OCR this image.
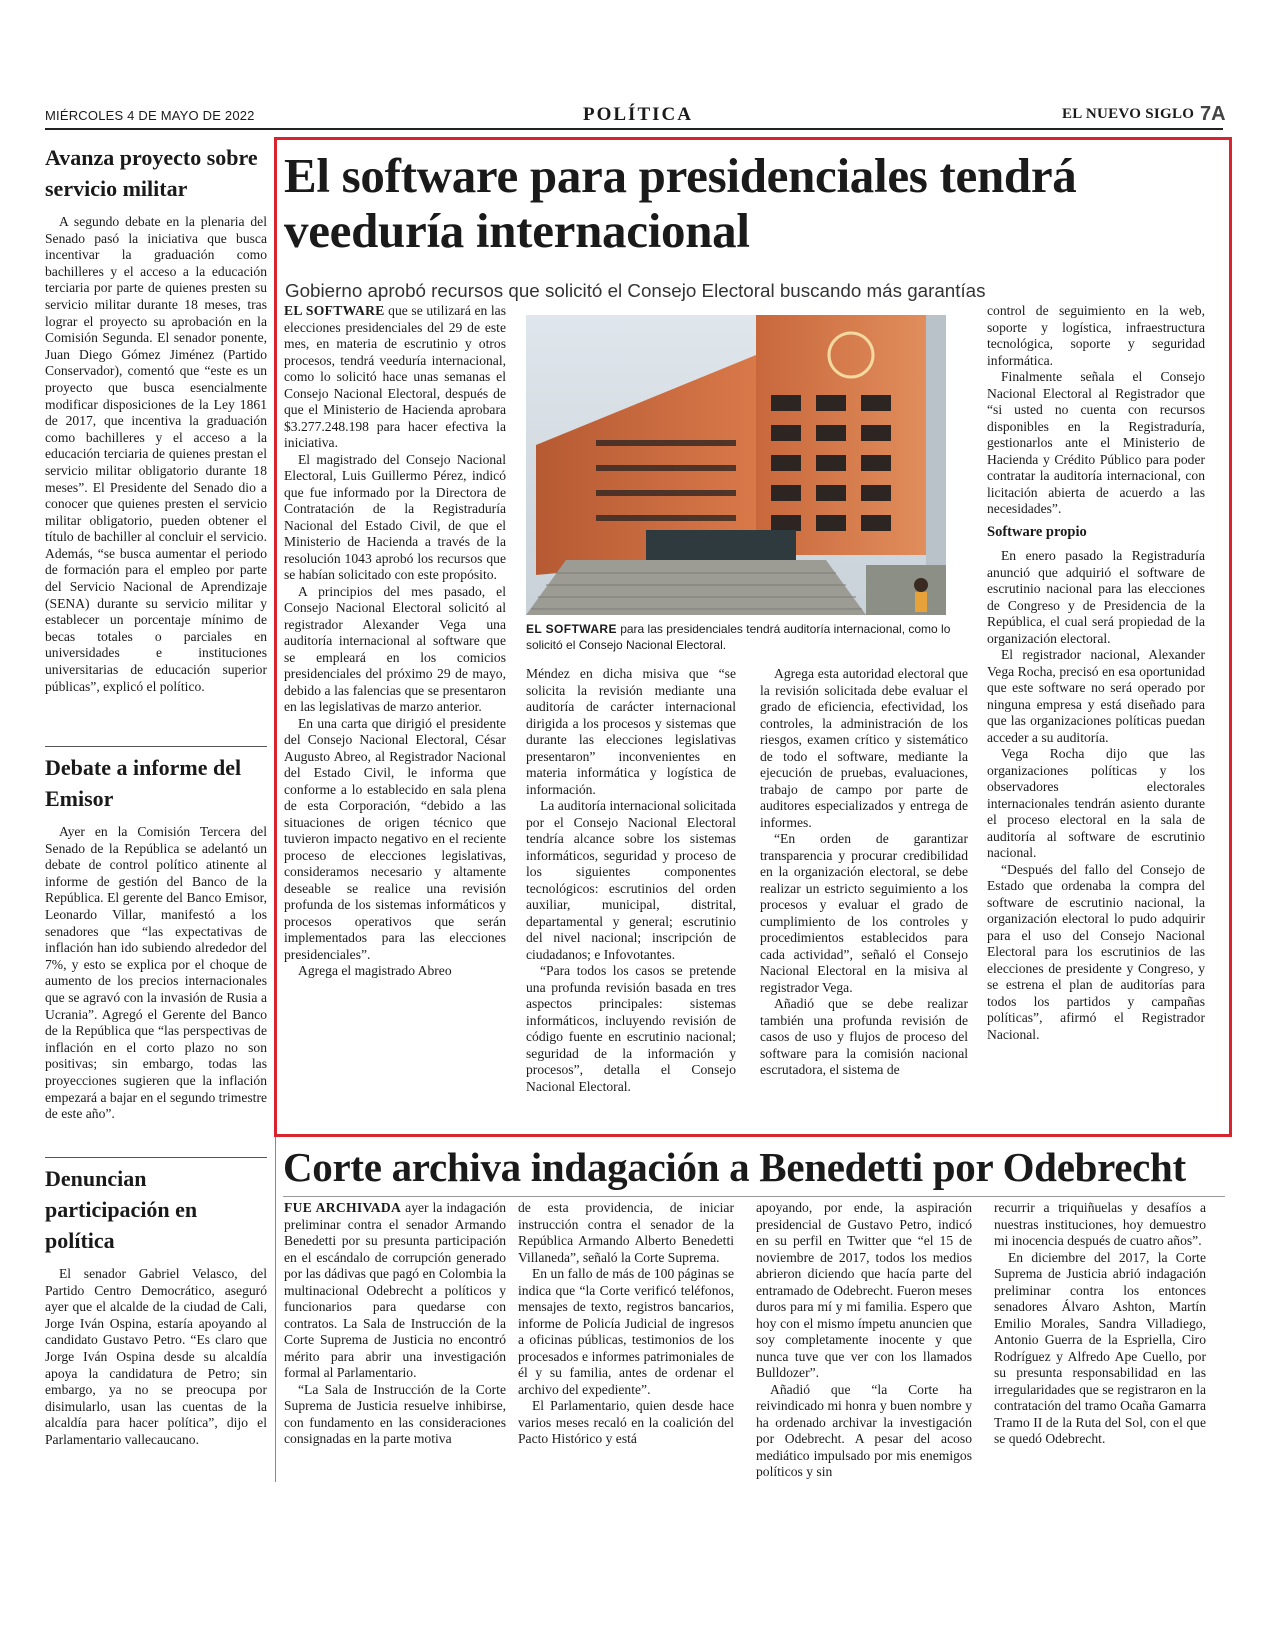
MIÉRCOLES 4 DE MAYO DE 2022	POLÍTICA	EL NUEVO SIGLO 7A
Avanza proyecto sobre servicio militar

A segundo debate en la plenaria del Senado pasó la iniciativa que busca incentivar la graduación como bachilleres y el acceso a la educación terciaria por parte de quienes presten su servicio militar durante 18 meses, tras lograr el proyecto su aprobación en la Comisión Segunda. El senador ponente, Juan Diego Gómez Jiménez (Partido Conservador), comentó que “este es un proyecto que busca esencialmente modificar disposiciones de la Ley 1861 de 2017, que incentiva la graduación como bachilleres y el acceso a la educación terciaria de quienes prestan el servicio militar obligatorio durante 18 meses”. El Presidente del Senado dio a conocer que quienes presten el servicio militar obligatorio, pueden obtener el título de bachiller al concluir el servicio. Además, “se busca aumentar el periodo de formación para el empleo por parte del Servicio Nacional de Aprendizaje (SENA) durante su servicio militar y establecer un porcentaje mínimo de becas totales o parciales en universidades e instituciones universitarias de educación superior públicas”, explicó el político.

Debate a informe del Emisor

Ayer en la Comisión Tercera del Senado de la República se adelantó un debate de control político atinente al informe de gestión del Banco de la República. El gerente del Banco Emisor, Leonardo Villar, manifestó a los senadores que “las expectativas de inflación han ido subiendo alrededor del 7%, y esto se explica por el choque de aumento de los precios internacionales que se agravó con la invasión de Rusia a Ucrania”. Agregó el Gerente del Banco de la República que “las perspectivas de inflación en el corto plazo no son positivas; sin embargo, todas las proyecciones sugieren que la inflación empezará a bajar en el segundo trimestre de este año”.

Denuncian participación en política

El senador Gabriel Velasco, del Partido Centro Democrático, aseguró ayer que el alcalde de la ciudad de Cali, Jorge Iván Ospina, estaría apoyando al candidato Gustavo Petro. “Es claro que Jorge Iván Ospina desde su alcaldía apoya la candidatura de Petro; sin embargo, ya no se preocupa por disimularlo, usan las cuentas de la alcaldía para hacer política”, dijo el Parlamentario vallecaucano.

El software para presidenciales tendrá veeduría internacional

Gobierno aprobó recursos que solicitó el Consejo Electoral buscando más garantías

EL SOFTWARE que se utilizará en las elecciones presidenciales del 29 de este mes, en materia de escrutinio y otros procesos, tendrá veeduría internacional, como lo solicitó hace unas semanas el Consejo Nacional Electoral, después de que el Ministerio de Hacienda aprobara $3.277.248.198 para hacer efectiva la iniciativa.

El magistrado del Consejo Nacional Electoral, Luis Guillermo Pérez, indicó que fue informado por la Directora de Contratación de la Registraduría Nacional del Estado Civil, de que el Ministerio de Hacienda a través de la resolución 1043 aprobó los recursos que se habían solicitado con este propósito.

A principios del mes pasado, el Consejo Nacional Electoral solicitó al registrador Alexander Vega una auditoría internacional al software que se empleará en los comicios presidenciales del próximo 29 de mayo, debido a las falencias que se presentaron en las legislativas de marzo anterior.

En una carta que dirigió el presidente del Consejo Nacional Electoral, César Augusto Abreo, al Registrador Nacional del Estado Civil, le informa que conforme a lo establecido en sala plena de esta Corporación, “debido a las situaciones de origen técnico que tuvieron impacto negativo en el reciente proceso de elecciones legislativas, consideramos necesario y altamente deseable se realice una revisión profunda de los sistemas informáticos y procesos operativos que serán implementados para las elecciones presidenciales”.

Agrega el magistrado Abreo

EL SOFTWARE para las presidenciales tendrá auditoría internacional, como lo solicitó el Consejo Nacional Electoral.

Méndez en dicha misiva que “se solicita la revisión mediante una auditoría de carácter internacional dirigida a los procesos y sistemas que durante las elecciones legislativas presentaron” inconvenientes en materia informática y logística de información.

La auditoría internacional solicitada por el Consejo Nacional Electoral tendría alcance sobre los sistemas informáticos, seguridad y proceso de los siguientes componentes tecnológicos: escrutinios del orden auxiliar, municipal, distrital, departamental y general; escrutinio del nivel nacional; inscripción de ciudadanos; e Infovotantes.

“Para todos los casos se pretende una profunda revisión basada en tres aspectos principales: sistemas informáticos, incluyendo revisión de código fuente en escrutinio nacional; seguridad de la información y procesos”, detalla el Consejo Nacional Electoral.

Agrega esta autoridad electoral que la revisión solicitada debe evaluar el grado de eficiencia, efectividad, los controles, la administración de los riesgos, examen crítico y sistemático de todo el software, mediante la ejecución de pruebas, evaluaciones, trabajo de campo por parte de auditores especializados y entrega de informes.

“En orden de garantizar transparencia y procurar credibilidad en la organización electoral, se debe realizar un estricto seguimiento a los procesos y evaluar el grado de cumplimiento de los controles y procedimientos establecidos para cada actividad”, señaló el Consejo Nacional Electoral en la misiva al registrador Vega.

Añadió que se debe realizar también una profunda revisión de casos de uso y flujos de proceso del software para la comisión nacional escrutadora, el sistema de

control de seguimiento en la web, soporte y logística, infraestructura tecnológica, soporte y seguridad informática.

Finalmente señala el Consejo Nacional Electoral al Registrador que “si usted no cuenta con recursos disponibles en la Registraduría, gestionarlos ante el Ministerio de Hacienda y Crédito Público para poder contratar la auditoría internacional, con licitación abierta de acuerdo a las necesidades”.

Software propio

En enero pasado la Registraduría anunció que adquirió el software de escrutinio nacional para las elecciones de Congreso y de Presidencia de la República, el cual será propiedad de la organización electoral.

El registrador nacional, Alexander Vega Rocha, precisó en esa oportunidad que este software no será operado por ninguna empresa y está diseñado para que las organizaciones políticas puedan acceder a su auditoría.

Vega Rocha dijo que las organizaciones políticas y los observadores electorales internacionales tendrán asiento durante el proceso electoral en la sala de auditoría al software de escrutinio nacional.

“Después del fallo del Consejo de Estado que ordenaba la compra del software de escrutinio nacional, la organización electoral lo pudo adquirir para el uso del Consejo Nacional Electoral para los escrutinios de las elecciones de presidente y Congreso, y se estrena el plan de auditorías para todos los partidos y campañas políticas”, afirmó el Registrador Nacional.

Corte archiva indagación a Benedetti por Odebrecht

FUE ARCHIVADA ayer la indagación preliminar contra el senador Armando Benedetti por su presunta participación en el escándalo de corrupción generado por las dádivas que pagó en Colombia la multinacional Odebrecht a políticos y funcionarios para quedarse con contratos. La Sala de Instrucción de la Corte Suprema de Justicia no encontró mérito para abrir una investigación formal al Parlamentario.

“La Sala de Instrucción de la Corte Suprema de Justicia resuelve inhibirse, con fundamento en las consideraciones consignadas en la parte motiva

de esta providencia, de iniciar instrucción contra el senador de la República Armando Alberto Benedetti Villaneda”, señaló la Corte Suprema.

En un fallo de más de 100 páginas se indica que “la Corte verificó teléfonos, mensajes de texto, registros bancarios, informe de Policía Judicial de ingresos a oficinas públicas, testimonios de los procesados e informes patrimoniales de él y su familia, antes de ordenar el archivo del expediente”.

El Parlamentario, quien desde hace varios meses recaló en la coalición del Pacto Histórico y está

apoyando, por ende, la aspiración presidencial de Gustavo Petro, indicó en su perfil en Twitter que “el 15 de noviembre de 2017, todos los medios abrieron diciendo que hacía parte del entramado de Odebrecht. Fueron meses duros para mí y mi familia. Espero que hoy con el mismo ímpetu anuncien que soy completamente inocente y que nunca tuve que ver con los llamados Bulldozer”.

Añadió que “la Corte ha reivindicado mi honra y buen nombre y ha ordenado archivar la investigación por Odebrecht. A pesar del acoso mediático impulsado por mis enemigos políticos y sin

recurrir a triquiñuelas y desafíos a nuestras instituciones, hoy demuestro mi inocencia después de cuatro años”.

En diciembre del 2017, la Corte Suprema de Justicia abrió indagación preliminar contra los entonces senadores Álvaro Ashton, Martín Emilio Morales, Sandra Villadiego, Antonio Guerra de la Espriella, Ciro Rodríguez y Alfredo Ape Cuello, por su presunta responsabilidad en las irregularidades que se registraron en la contratación del tramo Ocaña Gamarra Tramo II de la Ruta del Sol, con el que se quedó Odebrecht.
